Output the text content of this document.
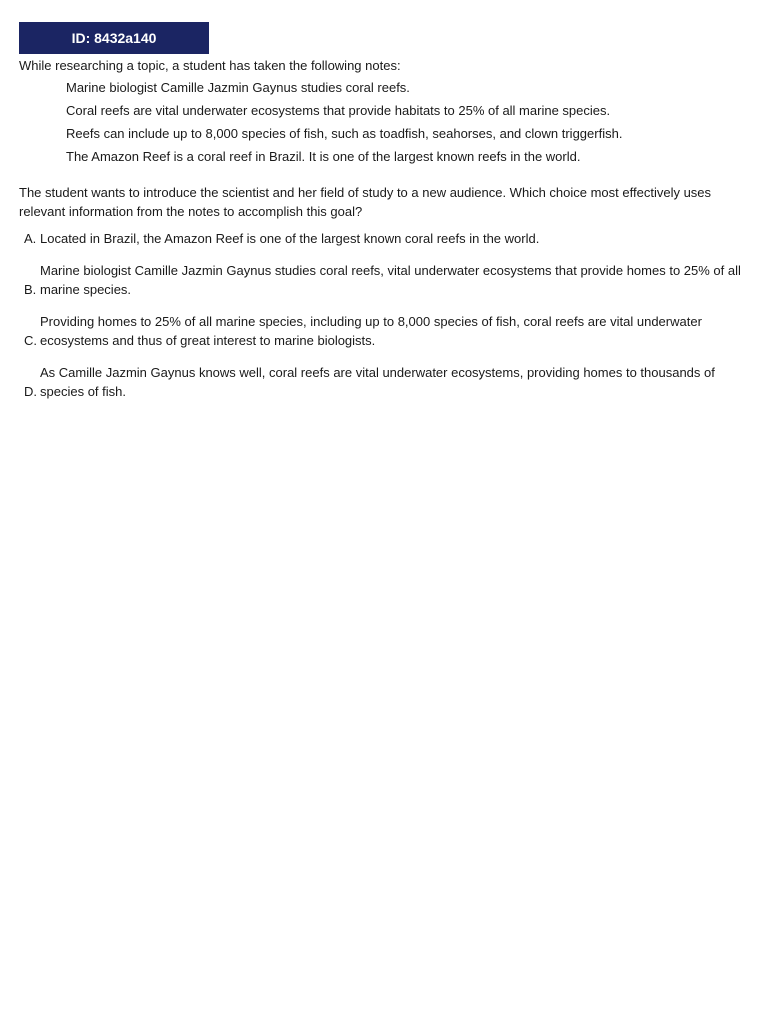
ID: 8432a140

While researching a topic, a student has taken the following notes:

Marine biologist Camille Jazmin Gaynus studies coral reefs.
Coral reefs are vital underwater ecosystems that provide habitats to 25% of all marine species.
Reefs can include up to 8,000 species of fish, such as toadfish, seahorses, and clown triggerfish.
The Amazon Reef is a coral reef in Brazil. It is one of the largest known reefs in the world.

The student wants to introduce the scientist and her field of study to a new audience. Which choice most effectively uses relevant information from the notes to accomplish this goal?

A. Located in Brazil, the Amazon Reef is one of the largest known coral reefs in the world.
B.
Marine biologist Camille Jazmin Gaynus studies coral reefs, vital underwater ecosystems that provide homes to 25% of all marine species.
C.
Providing homes to 25% of all marine species, including up to 8,000 species of fish, coral reefs are vital underwater ecosystems and thus of great interest to marine biologists.
D.
As Camille Jazmin Gaynus knows well, coral reefs are vital underwater ecosystems, providing homes to thousands of species of fish.
